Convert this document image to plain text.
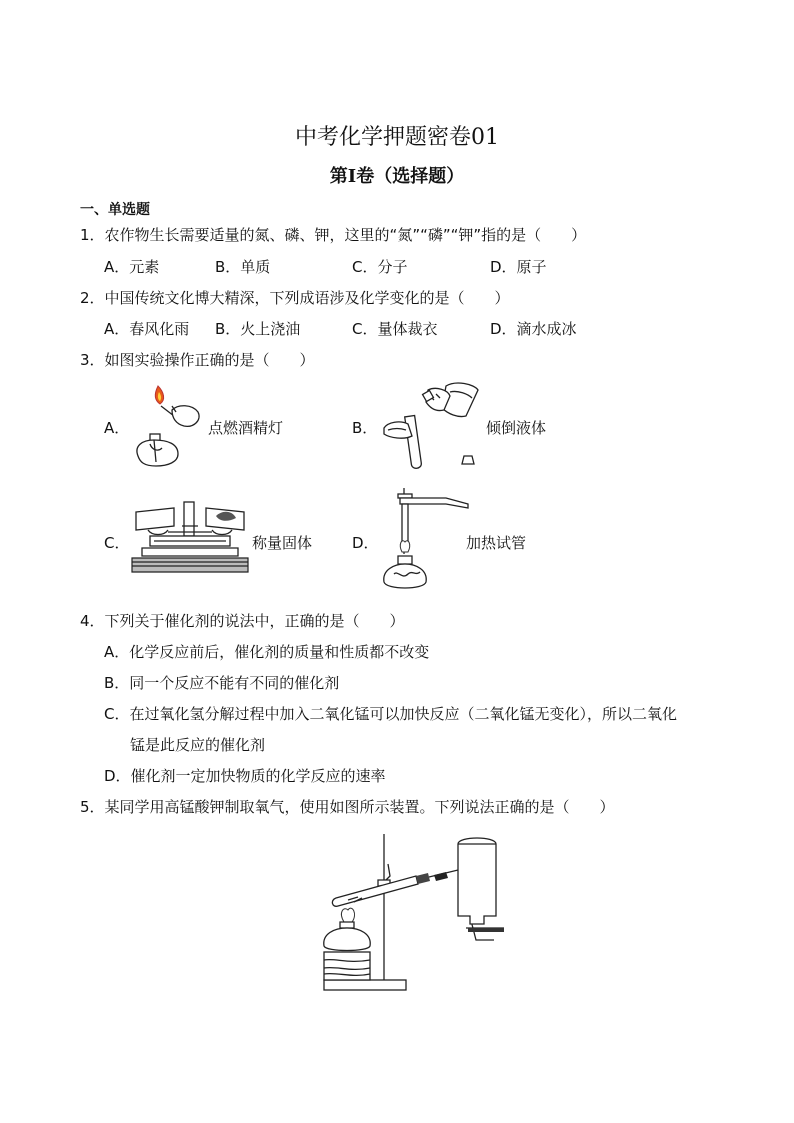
中考化学押题密卷01
第I卷（选择题）
一、单选题
1．农作物生长需要适量的氮、磷、钾，这里的“氮”“磷”“钾”指的是（　　）
A．元素	B．单质	C．分子	D．原子
2．中国传统文化博大精深，下列成语涉及化学变化的是（　　）
A．春风化雨 B．火上浇油	C．量体裁衣	D．滴水成冰
3．如图实验操作正确的是（　　）
A．	点燃酒精灯	B．	倾倒液体
C．	称量固体	D．	加热试管
4．下列关于催化剂的说法中，正确的是（　　）
A．化学反应前后，催化剂的质量和性质都不改变
B．同一个反应不能有不同的催化剂
C．在过氧化氢分解过程中加入二氧化锰可以加快反应（二氧化锰无变化），所以二氧化
锰是此反应的催化剂
D．催化剂一定加快物质的化学反应的速率
5．某同学用高锰酸钾制取氧气，使用如图所示装置。下列说法正确的是（　　）
